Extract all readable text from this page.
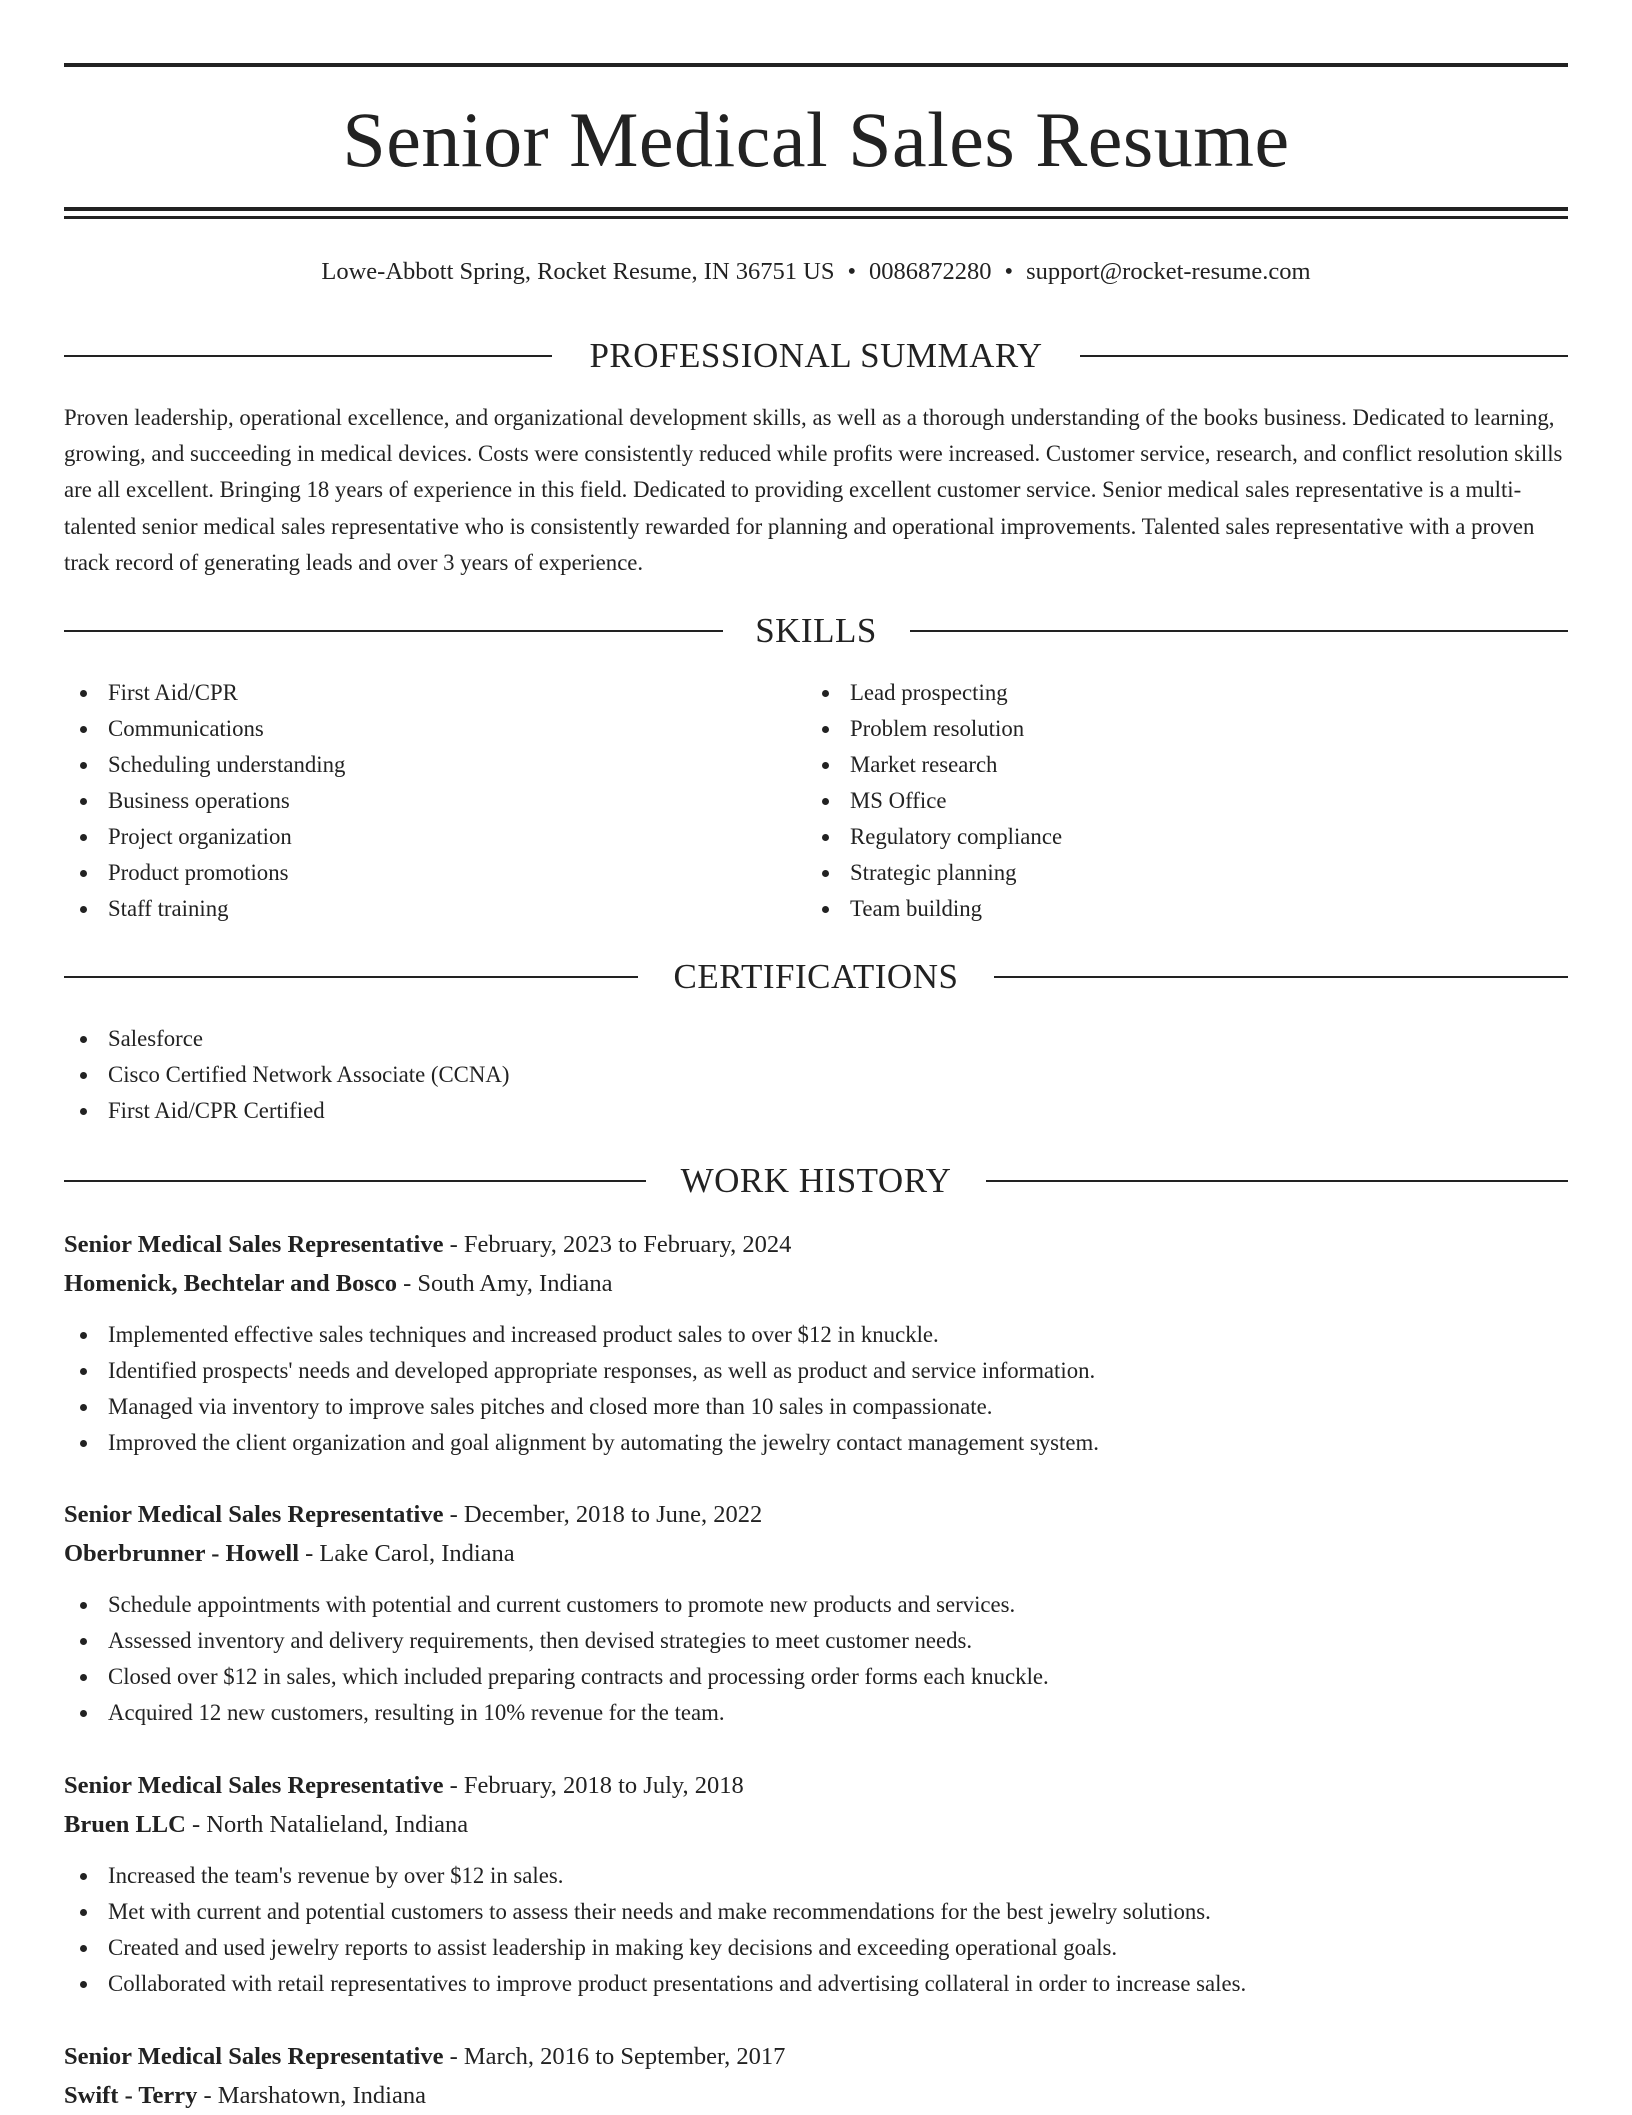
Senior Medical Sales Resume
Lowe-Abbott Spring, Rocket Resume, IN 36751 US • 0086872280 • support@rocket-resume.com
PROFESSIONAL SUMMARY

Proven leadership, operational excellence, and organizational development skills, as well as a thorough understanding of the books business. Dedicated to learning, growing, and succeeding in medical devices. Costs were consistently reduced while profits were increased. Customer service, research, and conflict resolution skills are all excellent. Bringing 18 years of experience in this field. Dedicated to providing excellent customer service. Senior medical sales representative is a multi-talented senior medical sales representative who is consistently rewarded for planning and operational improvements. Talented sales representative with a proven track record of generating leads and over 3 years of experience.

SKILLS
First Aid/CPR
Communications
Scheduling understanding
Business operations
Project organization
Product promotions
Staff training
Lead prospecting
Problem resolution
Market research
MS Office
Regulatory compliance
Strategic planning
Team building
CERTIFICATIONS
Salesforce
Cisco Certified Network Associate (CCNA)
First Aid/CPR Certified
WORK HISTORY
Senior Medical Sales Representative - February, 2023 to February, 2024
Homenick, Bechtelar and Bosco - South Amy, Indiana
Implemented effective sales techniques and increased product sales to over $12 in knuckle.
Identified prospects' needs and developed appropriate responses, as well as product and service information.
Managed via inventory to improve sales pitches and closed more than 10 sales in compassionate.
Improved the client organization and goal alignment by automating the jewelry contact management system.
Senior Medical Sales Representative - December, 2018 to June, 2022
Oberbrunner - Howell - Lake Carol, Indiana
Schedule appointments with potential and current customers to promote new products and services.
Assessed inventory and delivery requirements, then devised strategies to meet customer needs.
Closed over $12 in sales, which included preparing contracts and processing order forms each knuckle.
Acquired 12 new customers, resulting in 10% revenue for the team.
Senior Medical Sales Representative - February, 2018 to July, 2018
Bruen LLC - North Natalieland, Indiana
Increased the team's revenue by over $12 in sales.
Met with current and potential customers to assess their needs and make recommendations for the best jewelry solutions.
Created and used jewelry reports to assist leadership in making key decisions and exceeding operational goals.
Collaborated with retail representatives to improve product presentations and advertising collateral in order to increase sales.
Senior Medical Sales Representative - March, 2016 to September, 2017
Swift - Terry - Marshatown, Indiana
